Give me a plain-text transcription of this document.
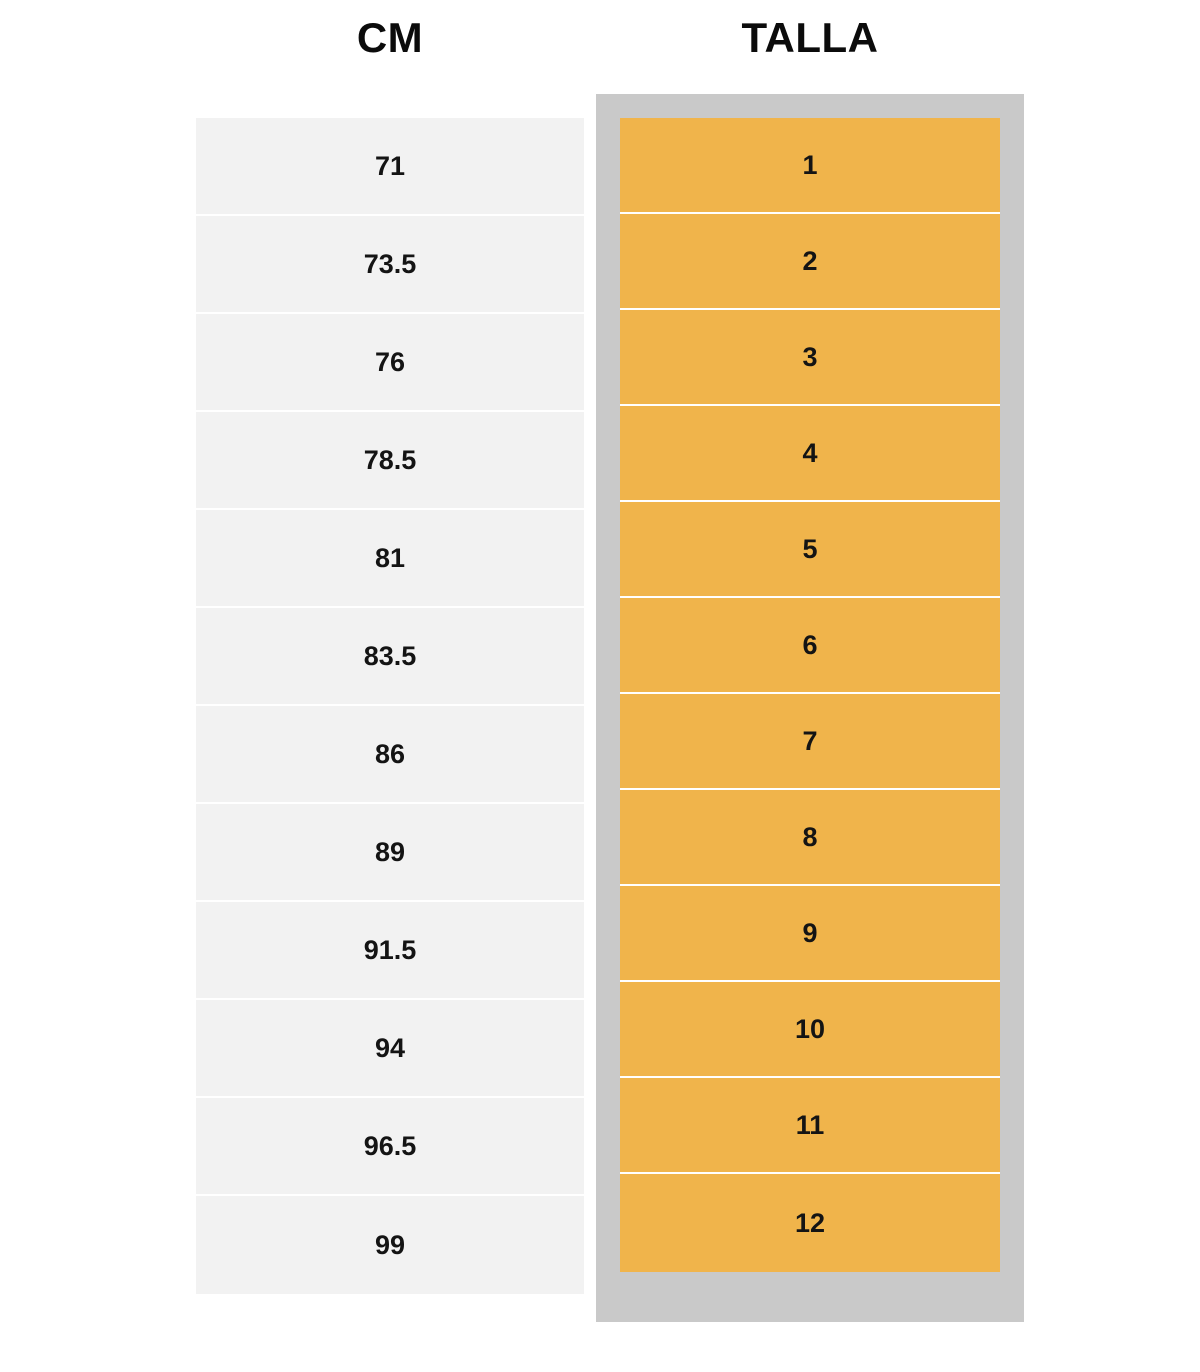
CM	TALLA
71
73.5
76
78.5
81
83.5
86
89
91.5
94
96.5
99
1
2
3
4
5
6
7
8
9
10
11
12
